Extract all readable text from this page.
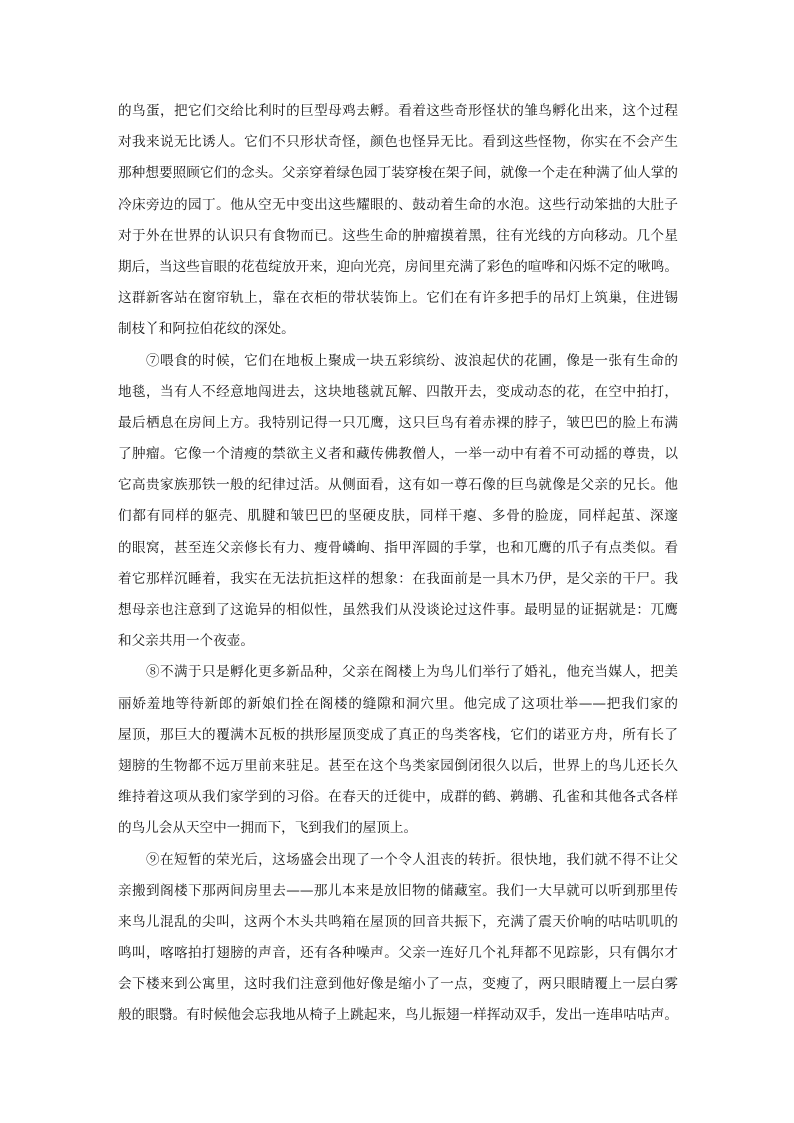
的鸟蛋，把它们交给比利时的巨型母鸡去孵。看着这些奇形怪状的雏鸟孵化出来，这个过程
对我来说无比诱人。它们不只形状奇怪，颜色也怪异无比。看到这些怪物，你实在不会产生
那种想要照顾它们的念头。父亲穿着绿色园丁装穿梭在架子间，就像一个走在种满了仙人掌的
冷床旁边的园丁。他从空无中变出这些耀眼的、鼓动着生命的水泡。这些行动笨拙的大肚子
对于外在世界的认识只有食物而已。这些生命的肿瘤摸着黑，往有光线的方向移动。几个星
期后，当这些盲眼的花苞绽放开来，迎向光亮，房间里充满了彩色的喧哗和闪烁不定的啾鸣。
这群新客站在窗帘轨上，靠在衣柜的带状装饰上。它们在有许多把手的吊灯上筑巢，住进锡
制枝丫和阿拉伯花纹的深处。
⑦喂食的时候，它们在地板上聚成一块五彩缤纷、波浪起伏的花圃，像是一张有生命的
地毯，当有人不经意地闯进去，这块地毯就瓦解、四散开去，变成动态的花，在空中拍打，
最后栖息在房间上方。我特别记得一只兀鹰，这只巨鸟有着赤裸的脖子，皱巴巴的脸上布满
了肿瘤。它像一个清瘦的禁欲主义者和藏传佛教僧人，一举一动中有着不可动摇的尊贵，以
它高贵家族那铁一般的纪律过活。从侧面看，这有如一尊石像的巨鸟就像是父亲的兄长。他
们都有同样的躯壳、肌腱和皱巴巴的坚硬皮肤，同样干瘪、多骨的脸庞，同样起茧、深邃
的眼窝，甚至连父亲修长有力、瘦骨嶙峋、指甲浑圆的手掌，也和兀鹰的爪子有点类似。看
着它那样沉睡着，我实在无法抗拒这样的想象：在我面前是一具木乃伊，是父亲的干尸。我
想母亲也注意到了这诡异的相似性，虽然我们从没谈论过这件事。最明显的证据就是：兀鹰
和父亲共用一个夜壶。
⑧不满于只是孵化更多新品种，父亲在阁楼上为鸟儿们举行了婚礼，他充当媒人，把美
丽娇羞地等待新郎的新娘们拴在阁楼的缝隙和洞穴里。他完成了这项壮举——把我们家的
屋顶，那巨大的覆满木瓦板的拱形屋顶变成了真正的鸟类客栈，它们的诺亚方舟，所有长了
翅膀的生物都不远万里前来驻足。甚至在这个鸟类家园倒闭很久以后，世界上的鸟儿还长久
维持着这项从我们家学到的习俗。在春天的迁徙中，成群的鹤、鹈鹕、孔雀和其他各式各样
的鸟儿会从天空中一拥而下，飞到我们的屋顶上。
⑨在短暂的荣光后，这场盛会出现了一个令人沮丧的转折。很快地，我们就不得不让父
亲搬到阁楼下那两间房里去——那儿本来是放旧物的储藏室。我们一大早就可以听到那里传
来鸟儿混乱的尖叫，这两个木头共鸣箱在屋顶的回音共振下，充满了震天价响的咕咕叽叽的
鸣叫，喀喀拍打翅膀的声音，还有各种噪声。父亲一连好几个礼拜都不见踪影，只有偶尔才
会下楼来到公寓里，这时我们注意到他好像是缩小了一点，变瘦了，两只眼睛覆上一层白雾
般的眼翳。有时候他会忘我地从椅子上跳起来，鸟儿振翅一样挥动双手，发出一连串咕咕声。
